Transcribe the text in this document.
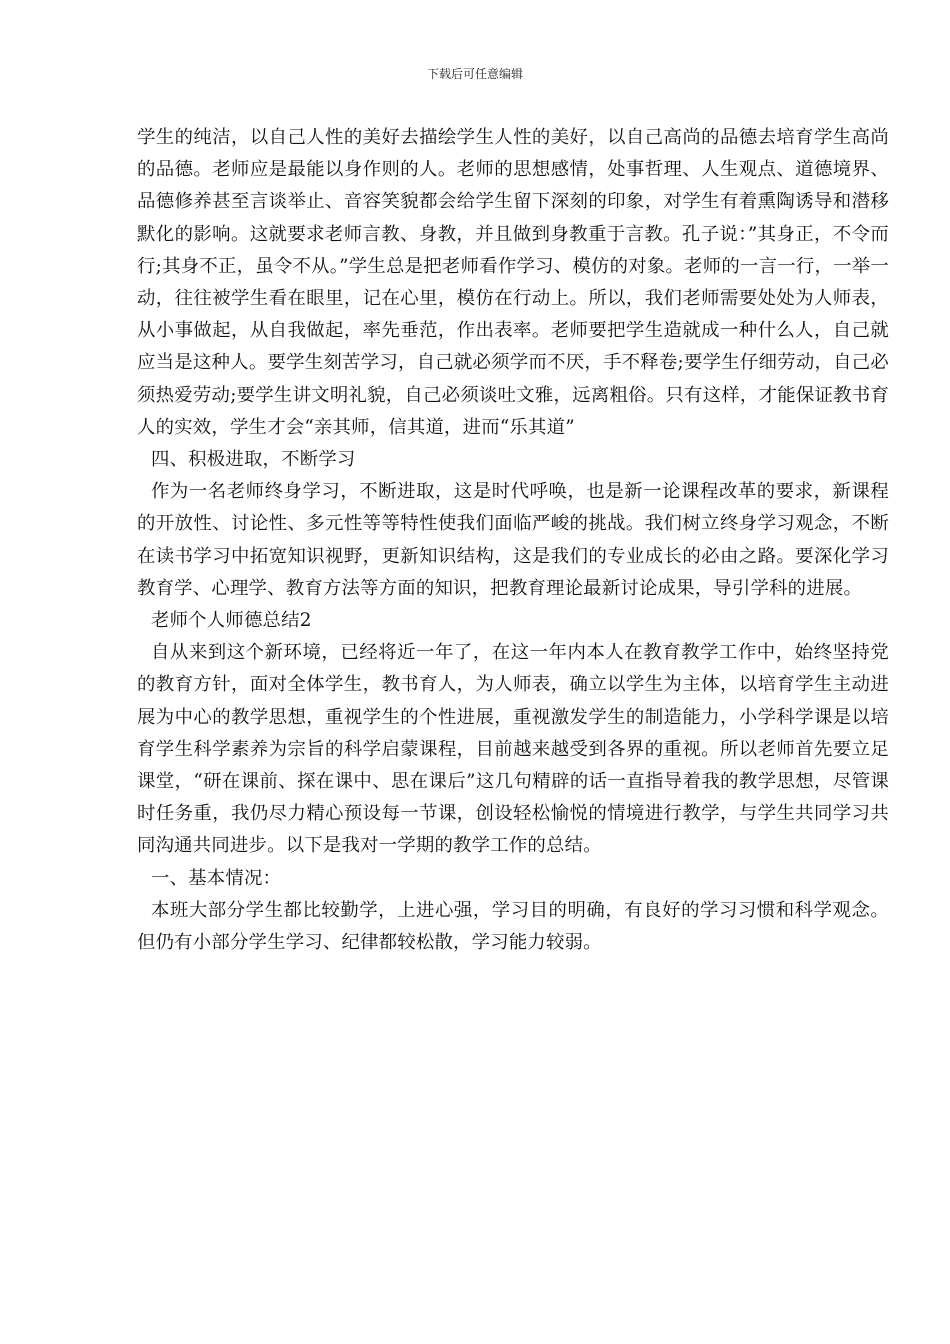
下载后可任意编辑

学生的纯洁，以自己人性的美好去描绘学生人性的美好，以自己高尚的品德去培育学生高尚的品德。老师应是最能以身作则的人。老师的思想感情，处事哲理、人生观点、道德境界、品德修养甚至言谈举止、音容笑貌都会给学生留下深刻的印象，对学生有着熏陶诱导和潜移默化的影响。这就要求老师言教、身教，并且做到身教重于言教。孔子说：”其身正，不令而行;其身不正，虽令不从。”学生总是把老师看作学习、模仿的对象。老师的一言一行，一举一动，往往被学生看在眼里，记在心里，模仿在行动上。所以，我们老师需要处处为人师表，从小事做起，从自我做起，率先垂范，作出表率。老师要把学生造就成一种什么人，自己就应当是这种人。要学生刻苦学习，自己就必须学而不厌，手不释卷;要学生仔细劳动，自己必须热爱劳动;要学生讲文明礼貌，自己必须谈吐文雅，远离粗俗。只有这样，才能保证教书育人的实效，学生才会“亲其师，信其道，进而“乐其道”

四、积极进取，不断学习

作为一名老师终身学习，不断进取，这是时代呼唤，也是新一论课程改革的要求，新课程的开放性、讨论性、多元性等等特性使我们面临严峻的挑战。我们树立终身学习观念，不断在读书学习中拓宽知识视野，更新知识结构，这是我们的专业成长的必由之路。要深化学习教育学、心理学、教育方法等方面的知识，把教育理论最新讨论成果，导引学科的进展。

老师个人师德总结2

自从来到这个新环境，已经将近一年了，在这一年内本人在教育教学工作中，始终坚持党的教育方针，面对全体学生，教书育人，为人师表，确立以学生为主体，以培育学生主动进展为中心的教学思想，重视学生的个性进展，重视激发学生的制造能力，小学科学课是以培育学生科学素养为宗旨的科学启蒙课程，目前越来越受到各界的重视。所以老师首先要立足课堂，“研在课前、探在课中、思在课后”这几句精辟的话一直指导着我的教学思想，尽管课时任务重，我仍尽力精心预设每一节课，创设轻松愉悦的情境进行教学，与学生共同学习共同沟通共同进步。以下是我对一学期的教学工作的总结。

一、基本情况：

本班大部分学生都比较勤学，上进心强，学习目的明确，有良好的学习习惯和科学观念。但仍有小部分学生学习、纪律都较松散，学习能力较弱。
